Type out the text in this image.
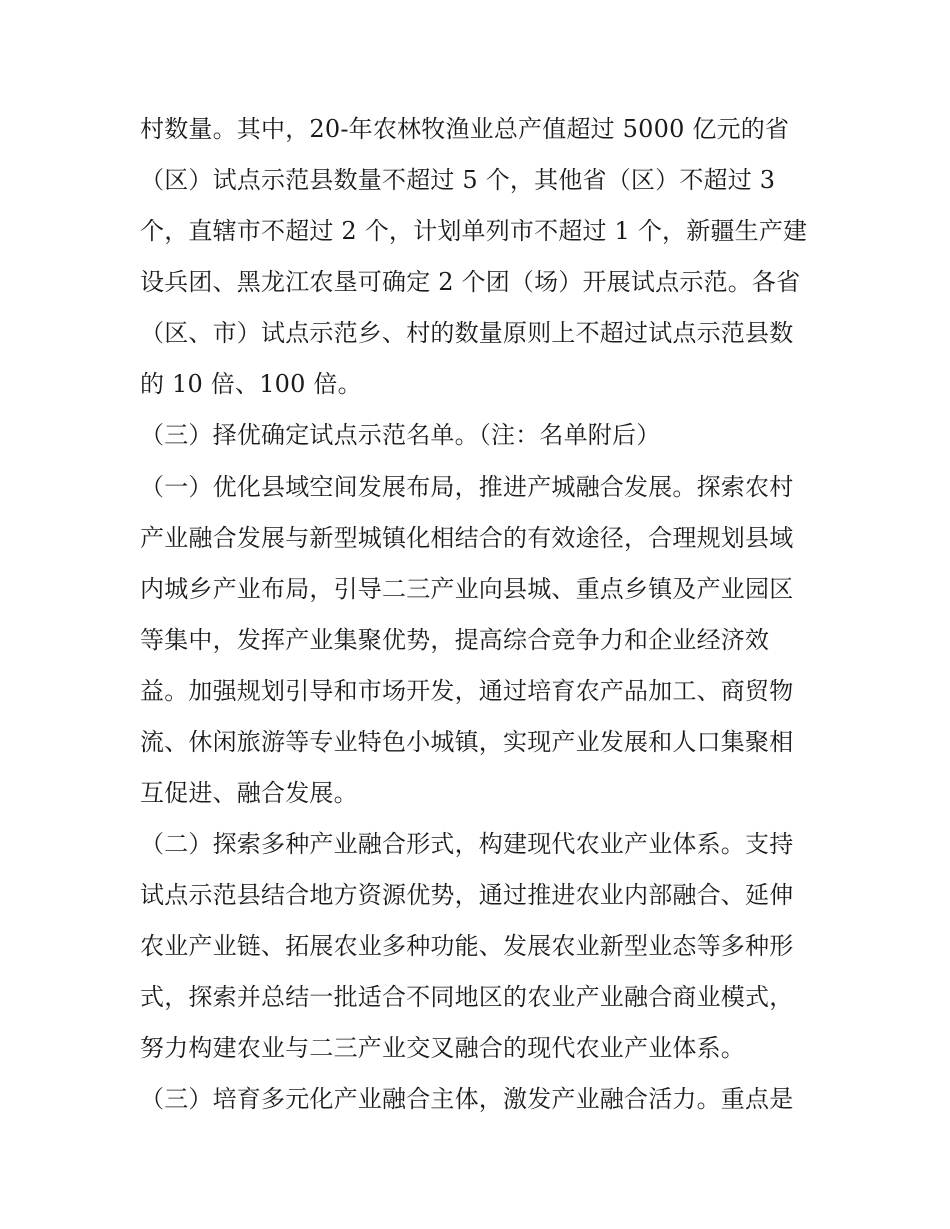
村数量。其中，20-年农林牧渔业总产值超过 5000 亿元的省
（区）试点示范县数量不超过 5 个，其他省（区）不超过 3
个，直辖市不超过 2 个，计划单列市不超过 1 个，新疆生产建
设兵团、黑龙江农垦可确定 2 个团（场）开展试点示范。各省
（区、市）试点示范乡、村的数量原则上不超过试点示范县数
的 10 倍、100 倍。
（三）择优确定试点示范名单。（注：名单附后）
（一）优化县域空间发展布局，推进产城融合发展。探索农村
产业融合发展与新型城镇化相结合的有效途径，合理规划县域
内城乡产业布局，引导二三产业向县城、重点乡镇及产业园区
等集中，发挥产业集聚优势，提高综合竞争力和企业经济效
益。加强规划引导和市场开发，通过培育农产品加工、商贸物
流、休闲旅游等专业特色小城镇，实现产业发展和人口集聚相
互促进、融合发展。
（二）探索多种产业融合形式，构建现代农业产业体系。支持
试点示范县结合地方资源优势，通过推进农业内部融合、延伸
农业产业链、拓展农业多种功能、发展农业新型业态等多种形
式，探索并总结一批适合不同地区的农业产业融合商业模式，
努力构建农业与二三产业交叉融合的现代农业产业体系。
（三）培育多元化产业融合主体，激发产业融合活力。重点是
